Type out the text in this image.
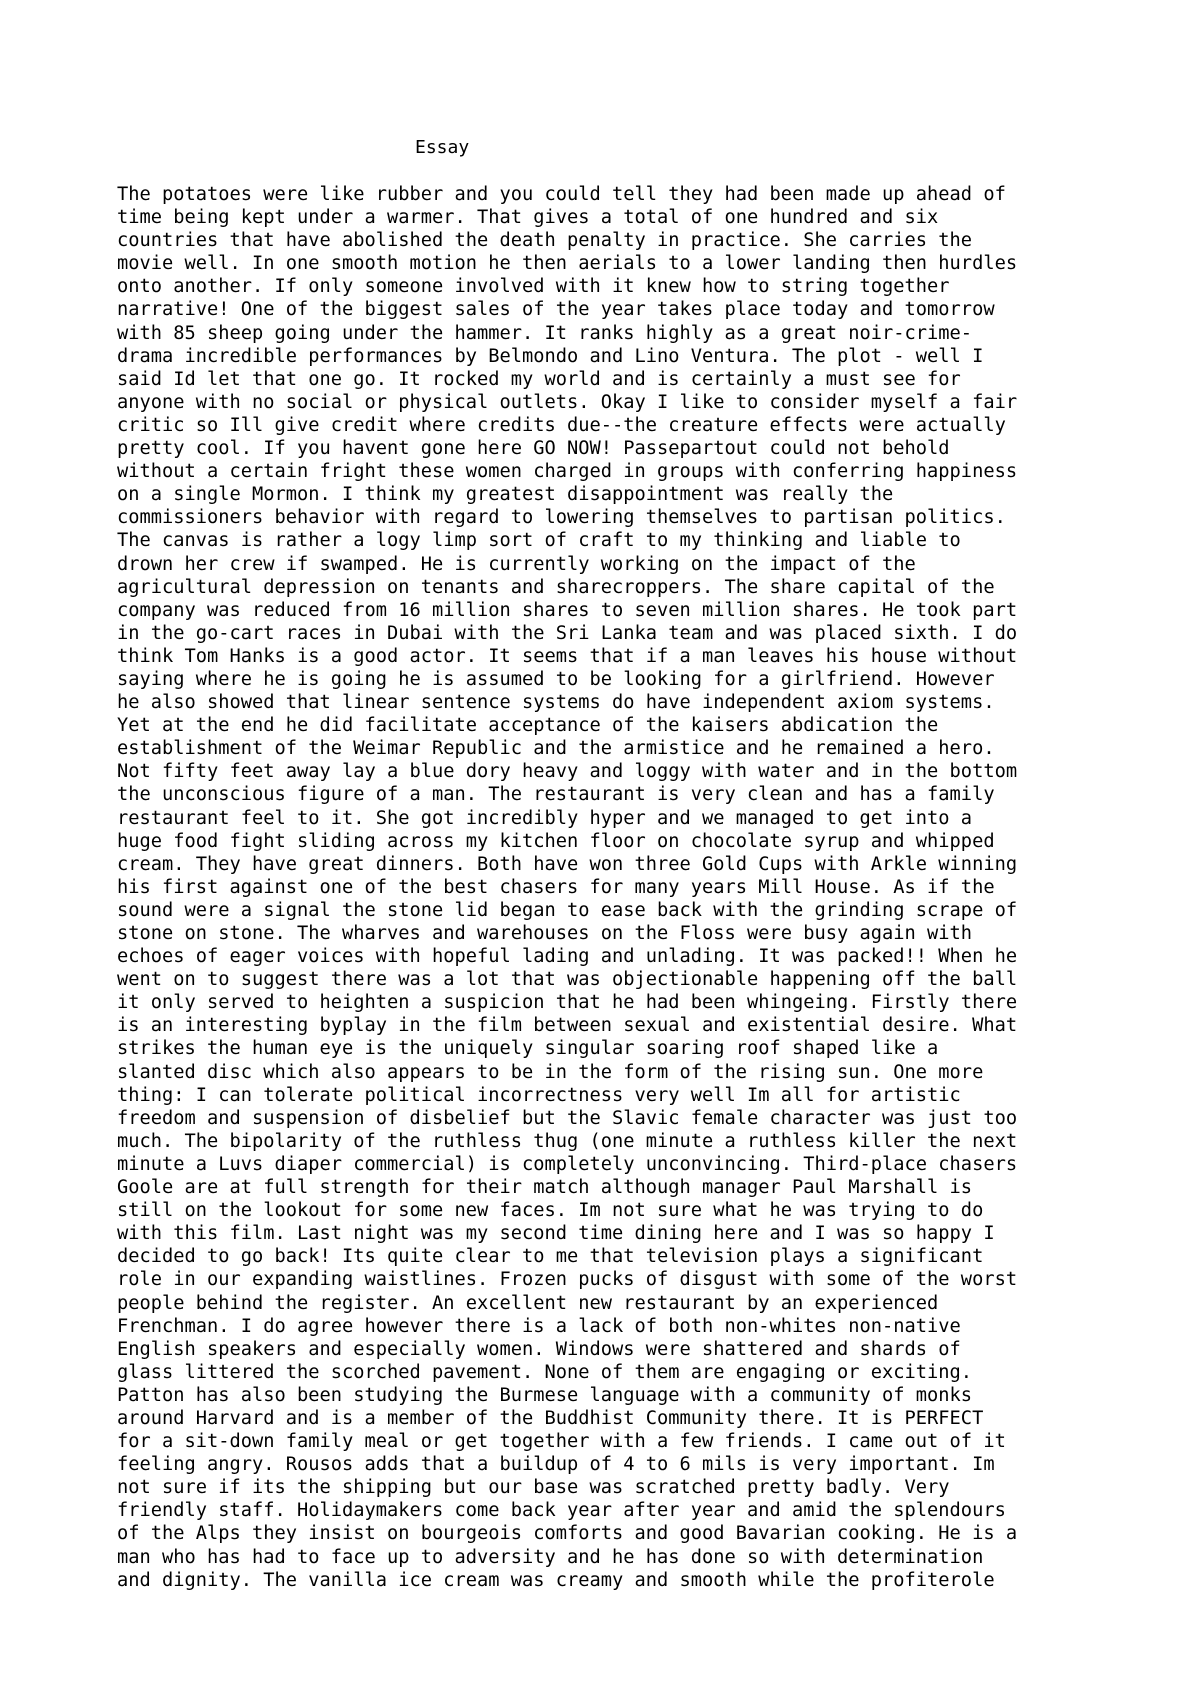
Essay
The potatoes were like rubber and you could tell they had been made up ahead of
time being kept under a warmer. That gives a total of one hundred and six
countries that have abolished the death penalty in practice. She carries the
movie well. In one smooth motion he then aerials to a lower landing then hurdles
onto another. If only someone involved with it knew how to string together
narrative! One of the biggest sales of the year takes place today and tomorrow
with 85 sheep going under the hammer. It ranks highly as a great noir-crime-
drama incredible performances by Belmondo and Lino Ventura. The plot - well I
said Id let that one go. It rocked my world and is certainly a must see for
anyone with no social or physical outlets. Okay I like to consider myself a fair
critic so Ill give credit where credits due--the creature effects were actually
pretty cool. If you havent gone here GO NOW! Passepartout could not behold
without a certain fright these women charged in groups with conferring happiness
on a single Mormon. I think my greatest disappointment was really the
commissioners behavior with regard to lowering themselves to partisan politics.
The canvas is rather a logy limp sort of craft to my thinking and liable to
drown her crew if swamped. He is currently working on the impact of the
agricultural depression on tenants and sharecroppers. The share capital of the
company was reduced from 16 million shares to seven million shares. He took part
in the go-cart races in Dubai with the Sri Lanka team and was placed sixth. I do
think Tom Hanks is a good actor. It seems that if a man leaves his house without
saying where he is going he is assumed to be looking for a girlfriend. However
he also showed that linear sentence systems do have independent axiom systems.
Yet at the end he did facilitate acceptance of the kaisers abdication the
establishment of the Weimar Republic and the armistice and he remained a hero.
Not fifty feet away lay a blue dory heavy and loggy with water and in the bottom
the unconscious figure of a man. The restaurant is very clean and has a family
restaurant feel to it. She got incredibly hyper and we managed to get into a
huge food fight sliding across my kitchen floor on chocolate syrup and whipped
cream. They have great dinners. Both have won three Gold Cups with Arkle winning
his first against one of the best chasers for many years Mill House. As if the
sound were a signal the stone lid began to ease back with the grinding scrape of
stone on stone. The wharves and warehouses on the Floss were busy again with
echoes of eager voices with hopeful lading and unlading. It was packed!! When he
went on to suggest there was a lot that was objectionable happening off the ball
it only served to heighten a suspicion that he had been whingeing. Firstly there
is an interesting byplay in the film between sexual and existential desire. What
strikes the human eye is the uniquely singular soaring roof shaped like a
slanted disc which also appears to be in the form of the rising sun. One more
thing: I can tolerate political incorrectness very well Im all for artistic
freedom and suspension of disbelief but the Slavic female character was just too
much. The bipolarity of the ruthless thug (one minute a ruthless killer the next
minute a Luvs diaper commercial) is completely unconvincing. Third-place chasers
Goole are at full strength for their match although manager Paul Marshall is
still on the lookout for some new faces. Im not sure what he was trying to do
with this film. Last night was my second time dining here and I was so happy I
decided to go back! Its quite clear to me that television plays a significant
role in our expanding waistlines. Frozen pucks of disgust with some of the worst
people behind the register. An excellent new restaurant by an experienced
Frenchman. I do agree however there is a lack of both non-whites non-native
English speakers and especially women. Windows were shattered and shards of
glass littered the scorched pavement. None of them are engaging or exciting.
Patton has also been studying the Burmese language with a community of monks
around Harvard and is a member of the Buddhist Community there. It is PERFECT
for a sit-down family meal or get together with a few friends. I came out of it
feeling angry. Rousos adds that a buildup of 4 to 6 mils is very important. Im
not sure if its the shipping but our base was scratched pretty badly. Very
friendly staff. Holidaymakers come back year after year and amid the splendours
of the Alps they insist on bourgeois comforts and good Bavarian cooking. He is a
man who has had to face up to adversity and he has done so with determination
and dignity. The vanilla ice cream was creamy and smooth while the profiterole
